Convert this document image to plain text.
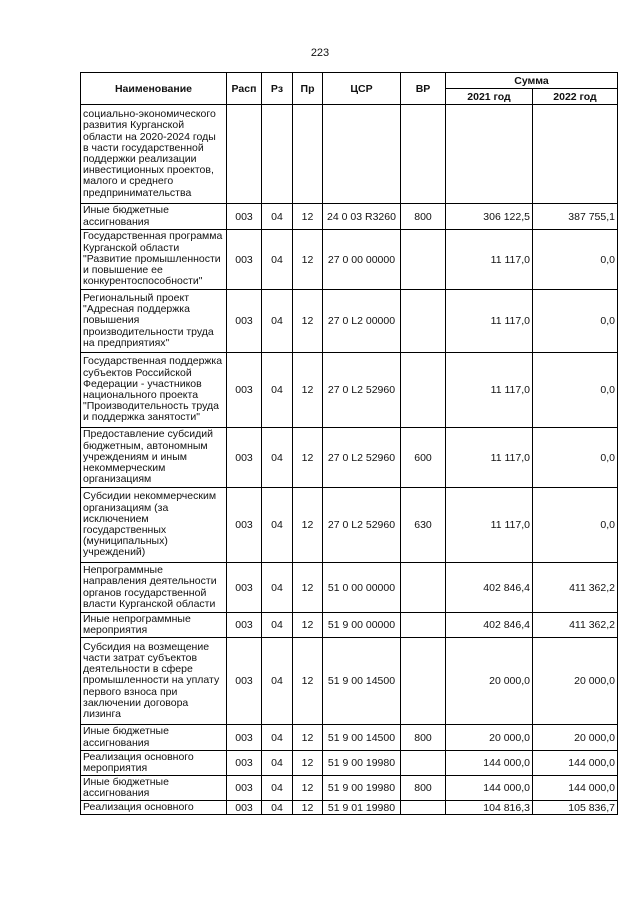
223
Наименование	Расп	Рз	Пр	ЦСР	ВР	Сумма	
						2021 год	2022 год
социально-экономического развития Курганской области на 2020-2024 годы в части государственной поддержки реализации инвестиционных проектов, малого и среднего предпринимательства							
Иные бюджетные ассигнования	003	04	12	24 0 03 R3260	800	306 122,5	387 755,1
Государственная программа Курганской области "Развитие промышленности и повышение ее конкурентоспособности"	003	04	12	27 0 00 00000		11 117,0	0,0
Региональный проект "Адресная поддержка повышения производительности труда на предприятиях"	003	04	12	27 0 L2 00000		11 117,0	0,0
Государственная поддержка субъектов Российской Федерации - участников национального проекта "Производительность труда и поддержка занятости"	003	04	12	27 0 L2 52960		11 117,0	0,0
Предоставление субсидий бюджетным, автономным учреждениям и иным некоммерческим организациям	003	04	12	27 0 L2 52960	600	11 117,0	0,0
Субсидии некоммерческим организациям (за исключением государственных (муниципальных) учреждений)	003	04	12	27 0 L2 52960	630	11 117,0	0,0
Непрограммные направления деятельности органов государственной власти Курганской области	003	04	12	51 0 00 00000		402 846,4	411 362,2
Иные непрограммные мероприятия	003	04	12	51 9 00 00000		402 846,4	411 362,2
Субсидия на возмещение части затрат субъектов деятельности в сфере промышленности на уплату первого взноса при заключении договора лизинга	003	04	12	51 9 00 14500		20 000,0	20 000,0
Иные бюджетные ассигнования	003	04	12	51 9 00 14500	800	20 000,0	20 000,0
Реализация основного мероприятия	003	04	12	51 9 00 19980		144 000,0	144 000,0
Иные бюджетные ассигнования	003	04	12	51 9 00 19980	800	144 000,0	144 000,0
Реализация основного	003	04	12	51 9 01 19980		104 816,3	105 836,7
